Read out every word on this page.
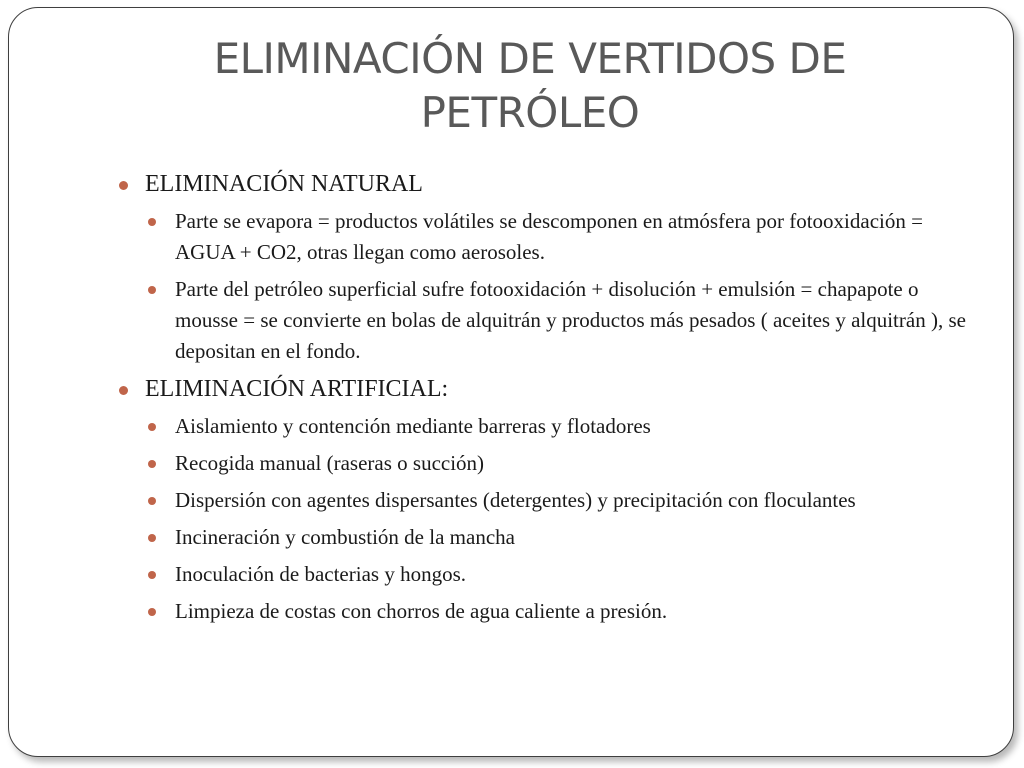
ELIMINACIÓN DE VERTIDOS DE
PETRÓLEO
ELIMINACIÓN NATURAL
Parte se evapora = productos volátiles se descomponen en atmósfera por fotooxidación = AGUA + CO2, otras llegan como aerosoles.
Parte del petróleo superficial sufre fotooxidación + disolución + emulsión = chapapote o mousse = se convierte en bolas de alquitrán y productos más pesados ( aceites y alquitrán ), se depositan en el fondo.
ELIMINACIÓN ARTIFICIAL:
Aislamiento y contención mediante barreras y flotadores
Recogida manual (raseras o succión)
Dispersión con agentes dispersantes (detergentes) y precipitación con floculantes
Incineración y combustión de la mancha
Inoculación de bacterias y hongos.
Limpieza de costas con chorros de agua caliente a presión.
